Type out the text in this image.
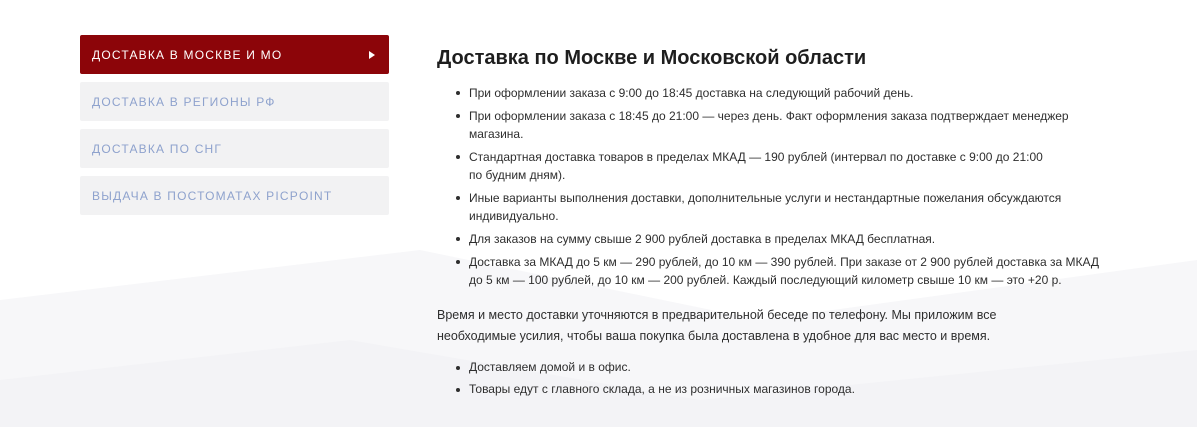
ДОСТАВКА В МОСКВЕ И МО
ДОСТАВКА В РЕГИОНЫ РФ
ДОСТАВКА ПО СНГ
ВЫДАЧА В ПОСТОМАТАХ PICPOINT
Доставка по Москве и Московской области
При оформлении заказа с 9:00 до 18:45 доставка на следующий рабочий день.
При оформлении заказа с 18:45 до 21:00 — через день. Факт оформления заказа подтверждает менеджер
магазина.
Стандартная доставка товаров в пределах МКАД — 190 рублей (интервал по доставке с 9:00 до 21:00
по будним дням).
Иные варианты выполнения доставки, дополнительные услуги и нестандартные пожелания обсуждаются
индивидуально.
Для заказов на сумму свыше 2 900 рублей доставка в пределах МКАД бесплатная.
Доставка за МКАД до 5 км — 290 рублей, до 10 км — 390 рублей. При заказе от 2 900 рублей доставка за МКАД
до 5 км — 100 рублей, до 10 км — 200 рублей. Каждый последующий километр свыше 10 км — это +20 р.

Время и место доставки уточняются в предварительной беседе по телефону. Мы приложим все
необходимые усилия, чтобы ваша покупка была доставлена в удобное для вас место и время.

Доставляем домой и в офис.
Товары едут с главного склада, а не из розничных магазинов города.
